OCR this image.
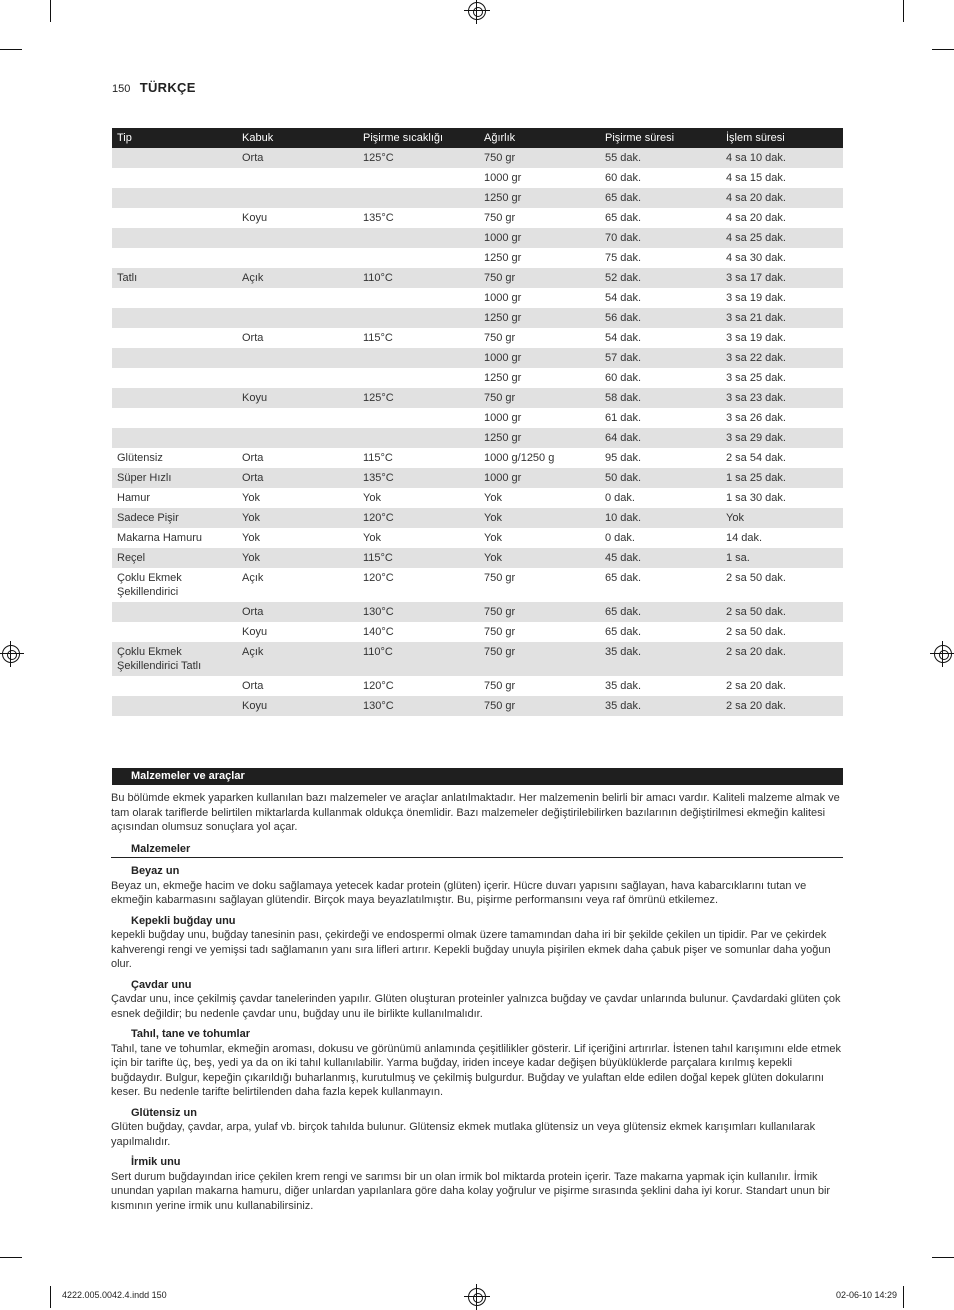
150 TÜRKÇE
Tip	Kabuk	Pişirme sıcaklığı	Ağırlık	Pişirme süresi	İşlem süresi
	Orta	125°C	750 gr	55 dak.	4 sa 10 dak.
			1000 gr	60 dak.	4 sa 15 dak.
			1250 gr	65 dak.	4 sa 20 dak.
	Koyu	135°C	750 gr	65 dak.	4 sa 20 dak.
			1000 gr	70 dak.	4 sa 25 dak.
			1250 gr	75 dak.	4 sa 30 dak.
Tatlı	Açık	110°C	750 gr	52 dak.	3 sa 17 dak.
			1000 gr	54 dak.	3 sa 19 dak.
			1250 gr	56 dak.	3 sa 21 dak.
	Orta	115°C	750 gr	54 dak.	3 sa 19 dak.
			1000 gr	57 dak.	3 sa 22 dak.
			1250 gr	60 dak.	3 sa 25 dak.
	Koyu	125°C	750 gr	58 dak.	3 sa 23 dak.
			1000 gr	61 dak.	3 sa 26 dak.
			1250 gr	64 dak.	3 sa 29 dak.
Glütensiz	Orta	115°C	1000 g/1250 g	95 dak.	2 sa 54 dak.
Süper Hızlı	Orta	135°C	1000 gr	50 dak.	1 sa 25 dak.
Hamur	Yok	Yok	Yok	0 dak.	1 sa 30 dak.
Sadece Pişir	Yok	120°C	Yok	10 dak.	Yok
Makarna Hamuru	Yok	Yok	Yok	0 dak.	14 dak.
Reçel	Yok	115°C	Yok	45 dak.	1 sa.
Çoklu Ekmek Şekillendirici	Açık	120°C	750 gr	65 dak.	2 sa 50 dak.
	Orta	130°C	750 gr	65 dak.	2 sa 50 dak.
	Koyu	140°C	750 gr	65 dak.	2 sa 50 dak.
Çoklu Ekmek Şekillendirici Tatlı	Açık	110°C	750 gr	35 dak.	2 sa 20 dak.
	Orta	120°C	750 gr	35 dak.	2 sa 20 dak.
	Koyu	130°C	750 gr	35 dak.	2 sa 20 dak.
Malzemeler ve araçlar

Bu bölümde ekmek yaparken kullanılan bazı malzemeler ve araçlar anlatılmaktadır. Her malzemenin belirli bir amacı vardır. Kaliteli malzeme almak ve tam olarak tariflerde belirtilen miktarlarda kullanmak oldukça önemlidir. Bazı malzemeler değiştirilebilirken bazılarının değiştirilmesi ekmeğin kalitesi açısından olumsuz sonuçlara yol açar.

Malzemeler
Beyaz un

Beyaz un, ekmeğe hacim ve doku sağlamaya yetecek kadar protein (glüten) içerir. Hücre duvarı yapısını sağlayan, hava kabarcıklarını tutan ve ekmeğin kabarmasını sağlayan glütendir. Birçok maya beyazlatılmıştır. Bu, pişirme performansını veya raf ömrünü etkilemez.

Kepekli buğday unu

kepekli buğday unu, buğday tanesinin pası, çekirdeği ve endospermi olmak üzere tamamından daha iri bir şekilde çekilen un tipidir. Par ve çekirdek kahverengi rengi ve yemişsi tadı sağlamanın yanı sıra lifleri artırır. Kepekli buğday unuyla pişirilen ekmek daha çabuk pişer ve somunlar daha yoğun olur.

Çavdar unu

Çavdar unu, ince çekilmiş çavdar tanelerinden yapılır. Glüten oluşturan proteinler yalnızca buğday ve çavdar unlarında bulunur. Çavdardaki glüten çok esnek değildir; bu nedenle çavdar unu, buğday unu ile birlikte kullanılmalıdır.

Tahıl, tane ve tohumlar

Tahıl, tane ve tohumlar, ekmeğin aroması, dokusu ve görünümü anlamında çeşitlilikler gösterir. Lif içeriğini artırırlar. İstenen tahıl karışımını elde etmek için bir tarifte üç, beş, yedi ya da on iki tahıl kullanılabilir. Yarma buğday, iriden inceye kadar değişen büyüklüklerde parçalara kırılmış kepekli buğdaydır. Bulgur, kepeğin çıkarıldığı buharlanmış, kurutulmuş ve çekilmiş bulgurdur. Buğday ve yulaftan elde edilen doğal kepek glüten dokularını keser. Bu nedenle tarifte belirtilenden daha fazla kepek kullanmayın.

Glütensiz un

Glüten buğday, çavdar, arpa, yulaf vb. birçok tahılda bulunur. Glütensiz ekmek mutlaka glütensiz un veya glütensiz ekmek karışımları kullanılarak yapılmalıdır.

İrmik unu

Sert durum buğdayından irice çekilen krem rengi ve sarımsı bir un olan irmik bol miktarda protein içerir. Taze makarna yapmak için kullanılır. İrmik unundan yapılan makarna hamuru, diğer unlardan yapılanlara göre daha kolay yoğrulur ve pişirme sırasında şeklini daha iyi korur. Standart unun bir kısmının yerine irmik unu kullanabilirsiniz.

4222.005.0042.4.indd 150	02-06-10 14:29
